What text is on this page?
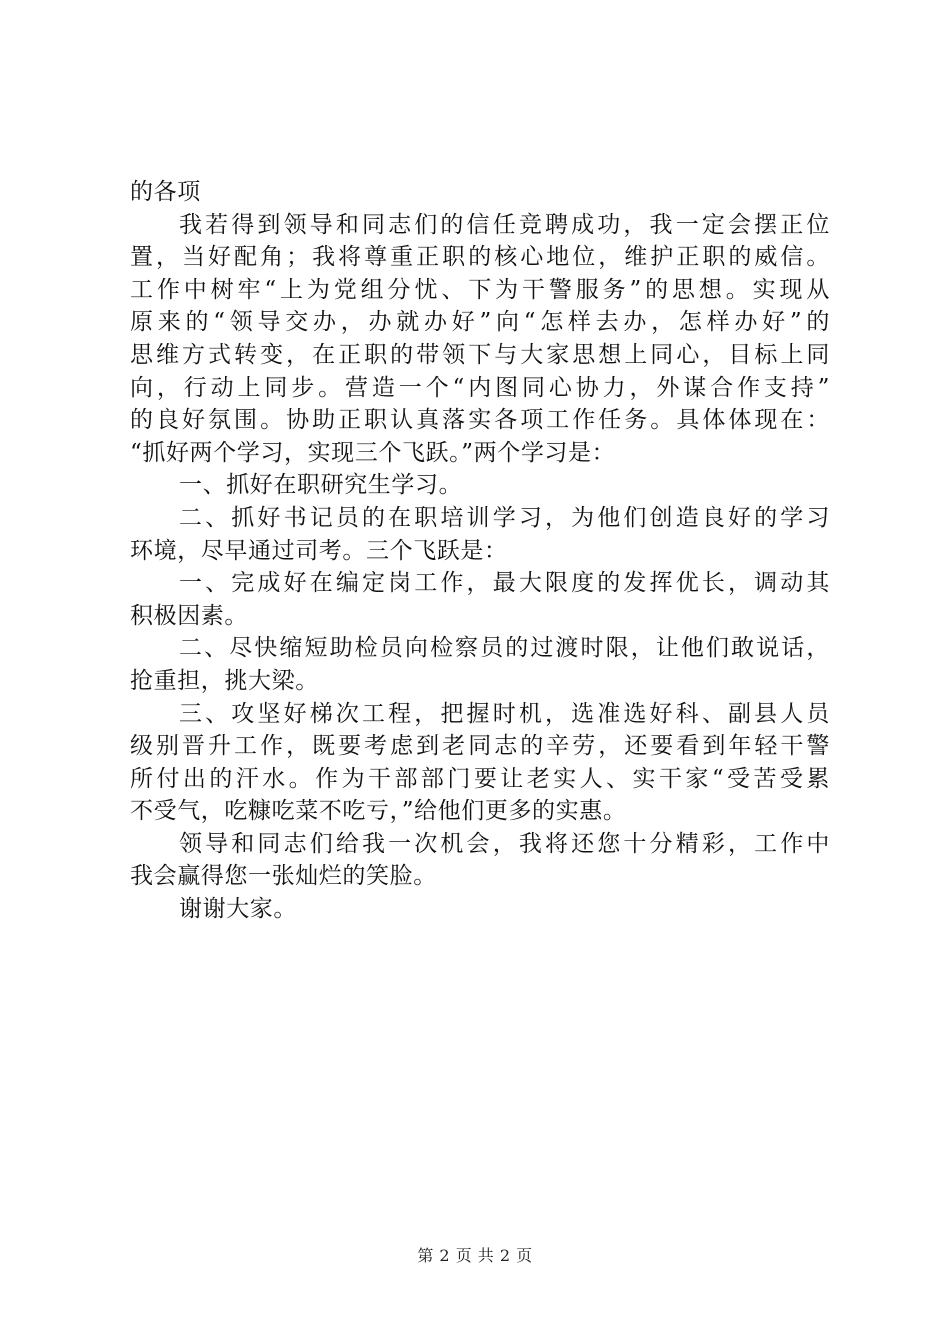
的各项
我若得到领导和同志们的信任竞聘成功，我一定会摆正位
置，当好配角；我将尊重正职的核心地位，维护正职的威信。
工作中树牢“上为党组分忧、下为干警服务”的思想。实现从
原来的“领导交办，办就办好”向“怎样去办，怎样办好”的
思维方式转变，在正职的带领下与大家思想上同心，目标上同
向，行动上同步。营造一个“内图同心协力，外谋合作支持”
的良好氛围。协助正职认真落实各项工作任务。具体体现在：
“抓好两个学习，实现三个飞跃。”两个学习是：
一、抓好在职研究生学习。
二、抓好书记员的在职培训学习，为他们创造良好的学习
环境，尽早通过司考。三个飞跃是：
一、完成好在编定岗工作，最大限度的发挥优长，调动其
积极因素。
二、尽快缩短助检员向检察员的过渡时限，让他们敢说话，
抢重担，挑大梁。
三、攻坚好梯次工程，把握时机，选准选好科、副县人员
级别晋升工作，既要考虑到老同志的辛劳，还要看到年轻干警
所付出的汗水。作为干部部门要让老实人、实干家“受苦受累
不受气，吃糠吃菜不吃亏，”给他们更多的实惠。
领导和同志们给我一次机会，我将还您十分精彩，工作中
我会赢得您一张灿烂的笑脸。
谢谢大家。
第 2 页 共 2 页
